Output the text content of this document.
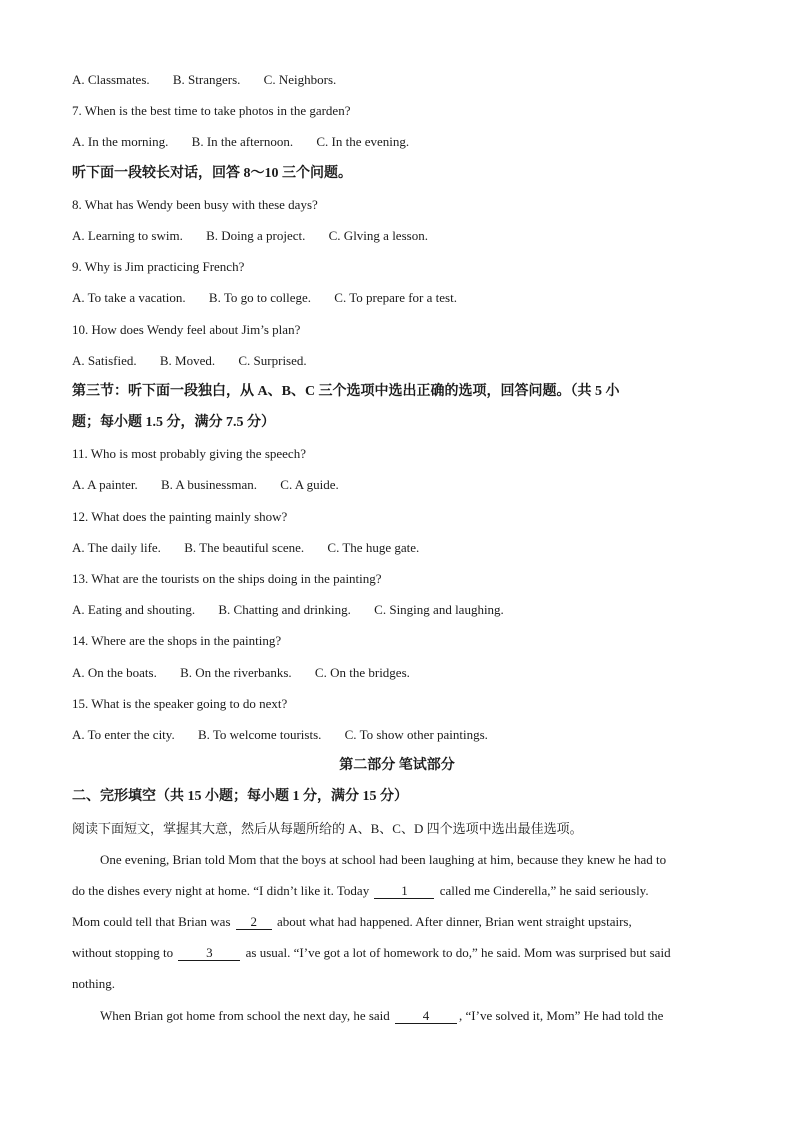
A. Classmates. B. Strangers. C. Neighbors.
7. When is the best time to take photos in the garden?
A. In the morning. B. In the afternoon. C. In the evening.
听下面一段较长对话，回答 8～10 三个问题。
8. What has Wendy been busy with these days?
A. Learning to swim. B. Doing a project. C. Glving a lesson.
9. Why is Jim practicing French?
A. To take a vacation. B. To go to college. C. To prepare for a test.
10. How does Wendy feel about Jim’s plan?
A. Satisfied. B. Moved. C. Surprised.
第三节：听下面一段独白，从 A、B、C 三个选项中选出正确的选项，回答问题。（共 5 小
题；每小题 1.5 分，满分 7.5 分）
11. Who is most probably giving the speech?
A. A painter. B. A businessman. C. A guide.
12. What does the painting mainly show?
A. The daily life. B. The beautiful scene. C. The huge gate.
13. What are the tourists on the ships doing in the painting?
A. Eating and shouting. B. Chatting and drinking. C. Singing and laughing.
14. Where are the shops in the painting?
A. On the boats. B. On the riverbanks. C. On the bridges.
15. What is the speaker going to do next?
A. To enter the city. B. To welcome tourists. C. To show other paintings.
第二部分 笔试部分
二、完形填空（共 15 小题；每小题 1 分，满分 15 分）
阅读下面短文，掌握其大意，然后从每题所给的 A、B、C、D 四个选项中选出最佳选项。
One evening, Brian told Mom that the boys at school had been laughing at him, because they knew he had to
do the dishes every night at home. “I didn’t like it. Today 1 called me Cinderella,” he said seriously.
Mom could tell that Brian was 2 about what had happened. After dinner, Brian went straight upstairs,
without stopping to 3 as usual. “I’ve got a lot of homework to do,” he said. Mom was surprised but said
nothing.
When Brian got home from school the next day, he said 4 , “I’ve solved it, Mom” He had told the
